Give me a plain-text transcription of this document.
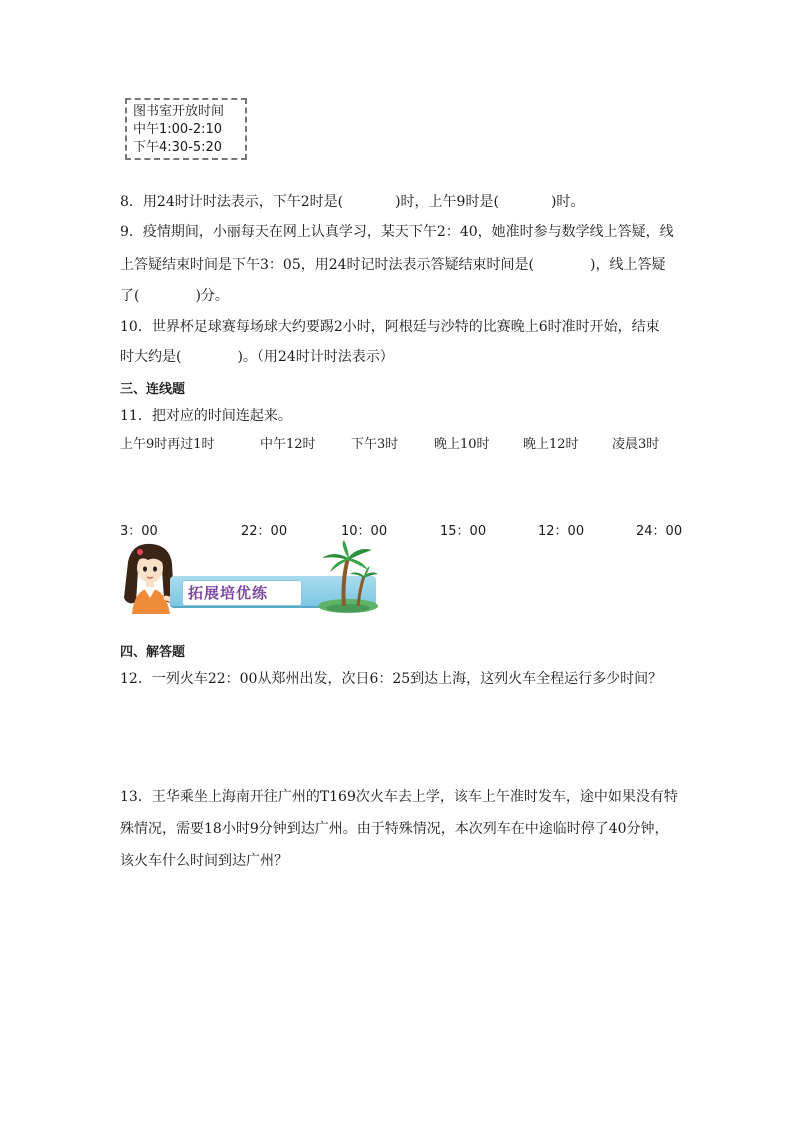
图书室开放时间
中午1:00-2:10
下午4:30-5:20
8．用24时计时法表示，下午2时是(	)时，上午9时是(	)时。
9．疫情期间，小丽每天在网上认真学习，某天下午2：40，她准时参与数学线上答疑，线
上答疑结束时间是下午3：05，用24时记时法表示答疑结束时间是(	)，线上答疑
了(	)分。
10．世界杯足球赛每场球大约要踢2小时，阿根廷与沙特的比赛晚上6时准时开始，结束
时大约是(	)。（用24时计时法表示）
三、连线题
11．把对应的时间连起来。
上午9时再过1时	中午12时	下午3时	晚上10时	晚上12时	凌晨3时
3：00	22：00	10：00	15：00	12：00	24：00
拓展培优练
四、解答题
12．一列火车22：00从郑州出发，次日6：25到达上海，这列火车全程运行多少时间？
13．王华乘坐上海南开往广州的T169次火车去上学，该车上午准时发车，途中如果没有特
殊情况，需要18小时9分钟到达广州。由于特殊情况，本次列车在中途临时停了40分钟，
该火车什么时间到达广州？
